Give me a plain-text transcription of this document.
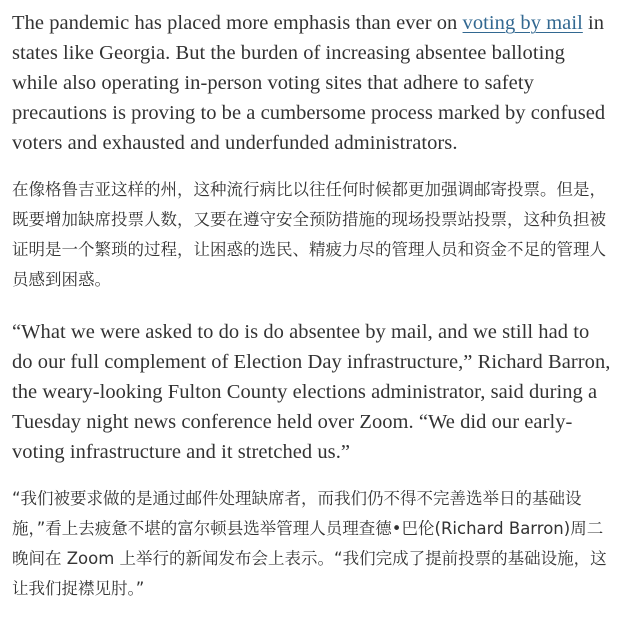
The pandemic has placed more emphasis than ever on voting by mail in states like Georgia. But the burden of increasing absentee balloting while also operating in-person voting sites that adhere to safety precautions is proving to be a cumbersome process marked by confused voters and exhausted and underfunded administrators.

在像格鲁吉亚这样的州，这种流行病比以往任何时候都更加强调邮寄投票。但是，既要增加缺席投票人数，又要在遵守安全预防措施的现场投票站投票，这种负担被证明是一个繁琐的过程，让困惑的选民、精疲力尽的管理人员和资金不足的管理人员感到困惑。

“What we were asked to do is do absentee by mail, and we still had to do our full complement of Election Day infrastructure,” Richard Barron, the weary-looking Fulton County elections administrator, said during a Tuesday night news conference held over Zoom. “We did our early-voting infrastructure and it stretched us.”

“我们被要求做的是通过邮件处理缺席者，而我们仍不得不完善选举日的基础设施，”看上去疲惫不堪的富尔顿县选举管理人员理查德•巴伦(Richard Barron)周二晚间在 Zoom 上举行的新闻发布会上表示。“我们完成了提前投票的基础设施，这让我们捉襟见肘。”
